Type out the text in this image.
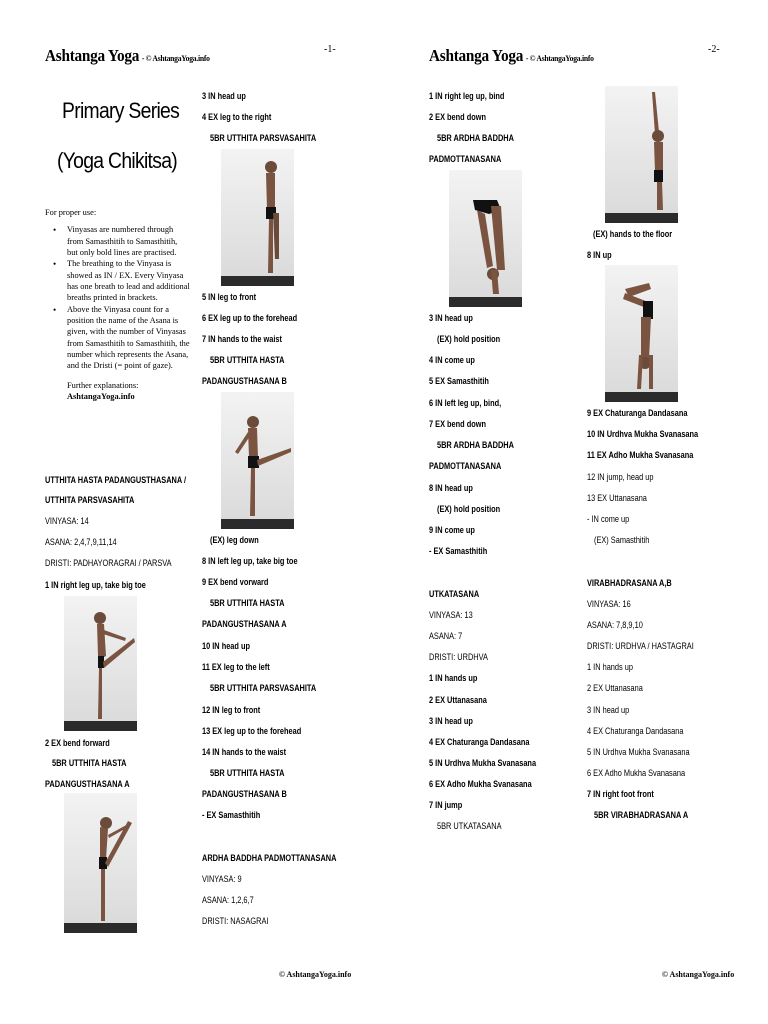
Ashtanga Yoga - © AshtangaYoga.info
-1-	Ashtanga Yoga - © AshtangaYoga.info
-2-
Primary Series
(Yoga Chikitsa)
For proper use:
• Vinyasas are numbered through from Samasthitih to Samasthitih, but only bold lines are practised.
• The breathing to the Vinyasa is showed as IN / EX. Every Vinyasa has one breath to lead and additional breaths printed in brackets.
• Above the Vinyasa count for a position the name of the Asana is given, with the number of Vinyasas from Samasthitih to Samasthitih, the number which represents the Asana, and the Dristi (= point of gaze).
Further explanations:
AshtangaYoga.info
UTTHITA HASTA PADANGUSTHASANA /
UTTHITA PARSVASAHITA
VINYASA: 14
ASANA: 2,4,7,9,11,14
DRISTI: PADHAYORAGRAI / PARSVA
1 IN right leg up, take big toe
2 EX bend forward
5BR UTTHITA HASTA
PADANGUSTHASANA A
3 IN head up
4 EX leg to the right
5BR UTTHITA PARSVASAHITA
5 IN leg to front
6 EX leg up to the forehead
7 IN hands to the waist
5BR UTTHITA HASTA
PADANGUSTHASANA B
(EX) leg down
8 IN left leg up, take big toe
9 EX bend vorward
5BR UTTHITA HASTA
PADANGUSTHASANA A
10 IN head up
11 EX leg to the left
5BR UTTHITA PARSVASAHITA
12 IN leg to front
13 EX leg up to the forehead
14 IN hands to the waist
5BR UTTHITA HASTA
PADANGUSTHASANA B
- EX Samasthitih
ARDHA BADDHA PADMOTTANASANA
VINYASA: 9
ASANA: 1,2,6,7
DRISTI: NASAGRAI
1 IN right leg up, bind
2 EX bend down
5BR ARDHA BADDHA
PADMOTTANASANA
3 IN head up
(EX) hold position
4 IN come up
5 EX Samasthitih
6 IN left leg up, bind,
7 EX bend down
5BR ARDHA BADDHA
PADMOTTANASANA
8 IN head up
(EX) hold position
9 IN come up
- EX Samasthitih
UTKATASANA
VINYASA: 13
ASANA: 7
DRISTI: URDHVA
1 IN hands up
2 EX Uttanasana
3 IN head up
4 EX Chaturanga Dandasana
5 IN Urdhva Mukha Svanasana
6 EX Adho Mukha Svanasana
7 IN jump
5BR UTKATASANA
(EX) hands to the floor
8 IN up
9 EX Chaturanga Dandasana
10 IN Urdhva Mukha Svanasana
11 EX Adho Mukha Svanasana
12 IN jump, head up
13 EX Uttanasana
- IN come up
(EX) Samasthitih
VIRABHADRASANA A,B
VINYASA: 16
ASANA: 7,8,9,10
DRISTI: URDHVA / HASTAGRAI
1 IN hands up
2 EX Uttanasana
3 IN head up
4 EX Chaturanga Dandasana
5 IN Urdhva Mukha Svanasana
6 EX Adho Mukha Svanasana
7 IN right foot front
5BR VIRABHADRASANA A
© AshtangaYoga.info	© AshtangaYoga.info
